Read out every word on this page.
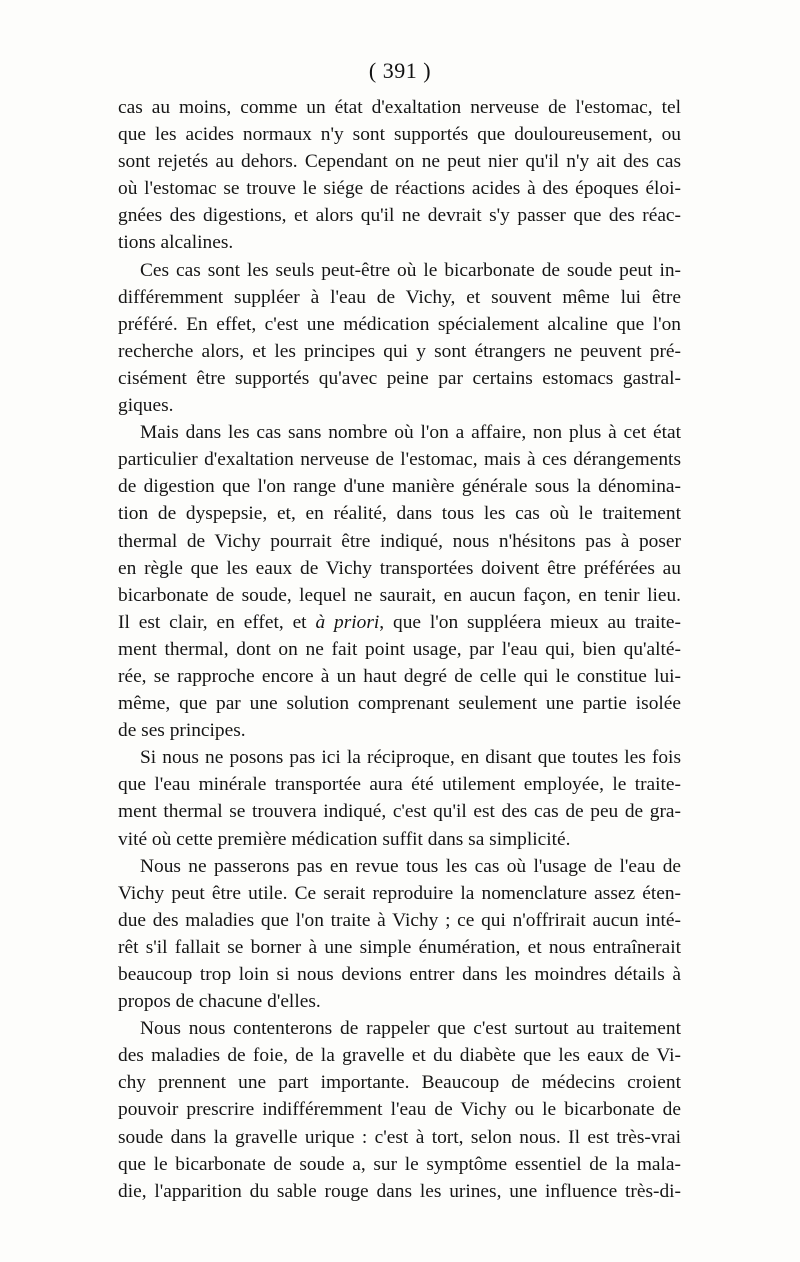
( 391 )
cas au moins, comme un état d'exaltation nerveuse de l'estomac, tel
que les acides normaux n'y sont supportés que douloureusement, ou
sont rejetés au dehors. Cependant on ne peut nier qu'il n'y ait des cas
où l'estomac se trouve le siége de réactions acides à des époques éloi-
gnées des digestions, et alors qu'il ne devrait s'y passer que des réac-
tions alcalines.
Ces cas sont les seuls peut-être où le bicarbonate de soude peut in-
différemment suppléer à l'eau de Vichy, et souvent même lui être
préféré. En effet, c'est une médication spécialement alcaline que l'on
recherche alors, et les principes qui y sont étrangers ne peuvent pré-
cisément être supportés qu'avec peine par certains estomacs gastral-
giques.
Mais dans les cas sans nombre où l'on a affaire, non plus à cet état
particulier d'exaltation nerveuse de l'estomac, mais à ces dérangements
de digestion que l'on range d'une manière générale sous la dénomina-
tion de dyspepsie, et, en réalité, dans tous les cas où le traitement
thermal de Vichy pourrait être indiqué, nous n'hésitons pas à poser
en règle que les eaux de Vichy transportées doivent être préférées au
bicarbonate de soude, lequel ne saurait, en aucun façon, en tenir lieu.
Il est clair, en effet, et à priori, que l'on suppléera mieux au traite-
ment thermal, dont on ne fait point usage, par l'eau qui, bien qu'alté-
rée, se rapproche encore à un haut degré de celle qui le constitue lui-
même, que par une solution comprenant seulement une partie isolée
de ses principes.
Si nous ne posons pas ici la réciproque, en disant que toutes les fois
que l'eau minérale transportée aura été utilement employée, le traite-
ment thermal se trouvera indiqué, c'est qu'il est des cas de peu de gra-
vité où cette première médication suffit dans sa simplicité.
Nous ne passerons pas en revue tous les cas où l'usage de l'eau de
Vichy peut être utile. Ce serait reproduire la nomenclature assez éten-
due des maladies que l'on traite à Vichy ; ce qui n'offrirait aucun inté-
rêt s'il fallait se borner à une simple énumération, et nous entraînerait
beaucoup trop loin si nous devions entrer dans les moindres détails à
propos de chacune d'elles.
Nous nous contenterons de rappeler que c'est surtout au traitement
des maladies de foie, de la gravelle et du diabète que les eaux de Vi-
chy prennent une part importante. Beaucoup de médecins croient
pouvoir prescrire indifféremment l'eau de Vichy ou le bicarbonate de
soude dans la gravelle urique : c'est à tort, selon nous. Il est très-vrai
que le bicarbonate de soude a, sur le symptôme essentiel de la mala-
die, l'apparition du sable rouge dans les urines, une influence très-di-
